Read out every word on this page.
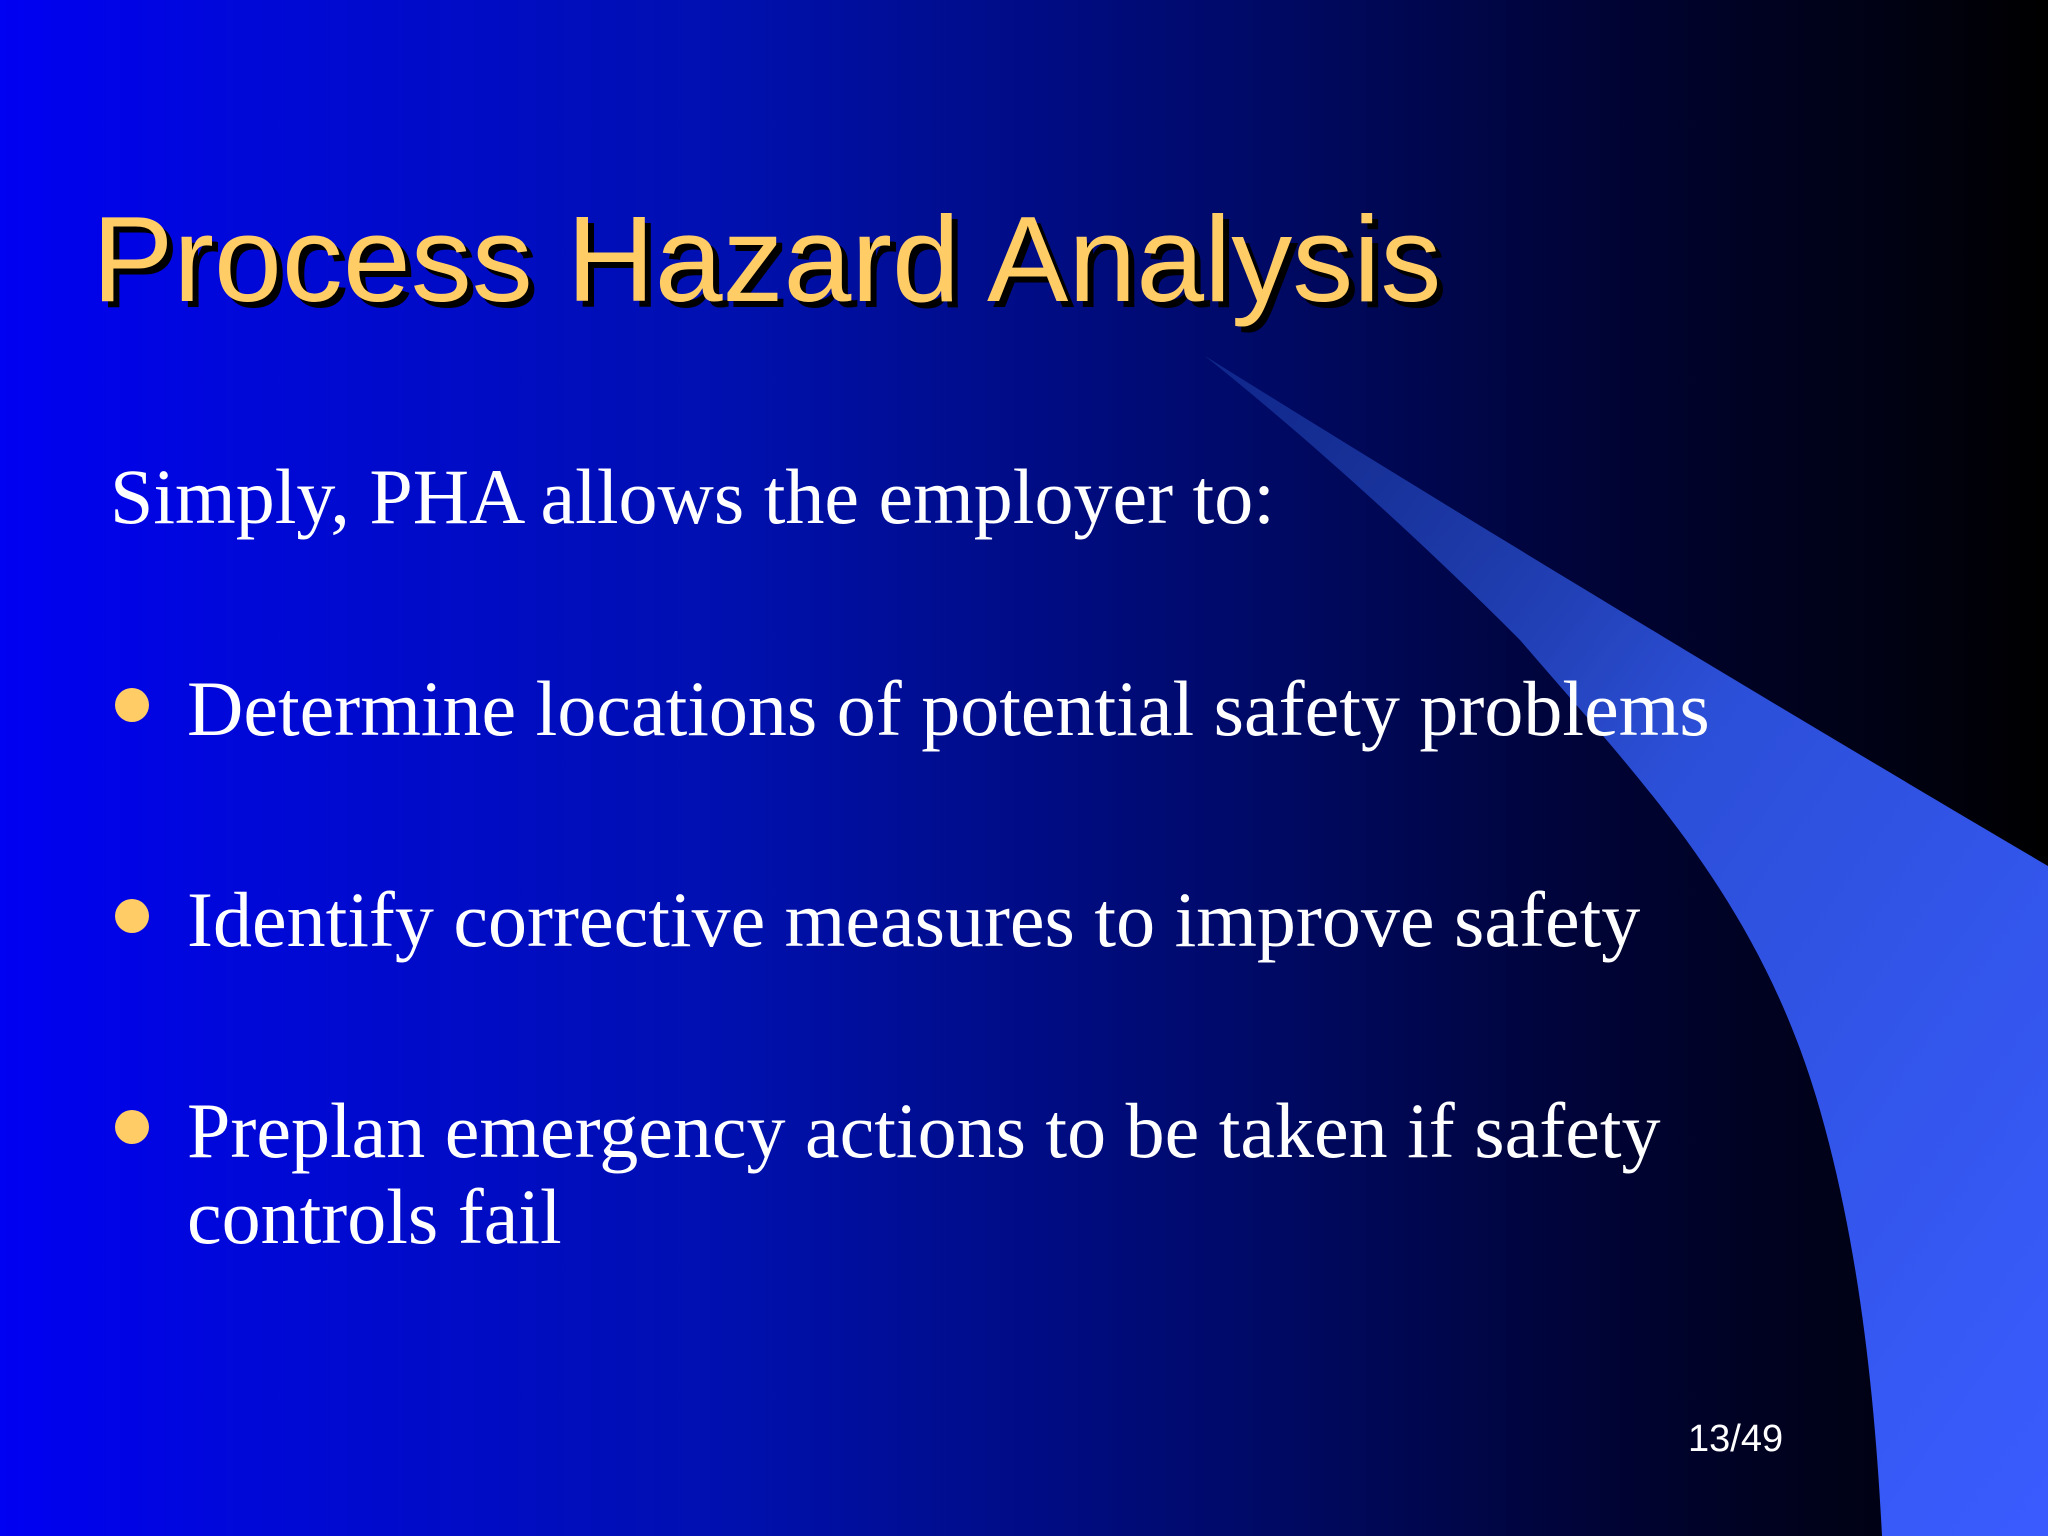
Process Hazard Analysis

Simply, PHA allows the employer to:

Determine locations of potential safety problems

Identify corrective measures to improve safety

Preplan emergency actions to be taken if safety controls fail

13/49
